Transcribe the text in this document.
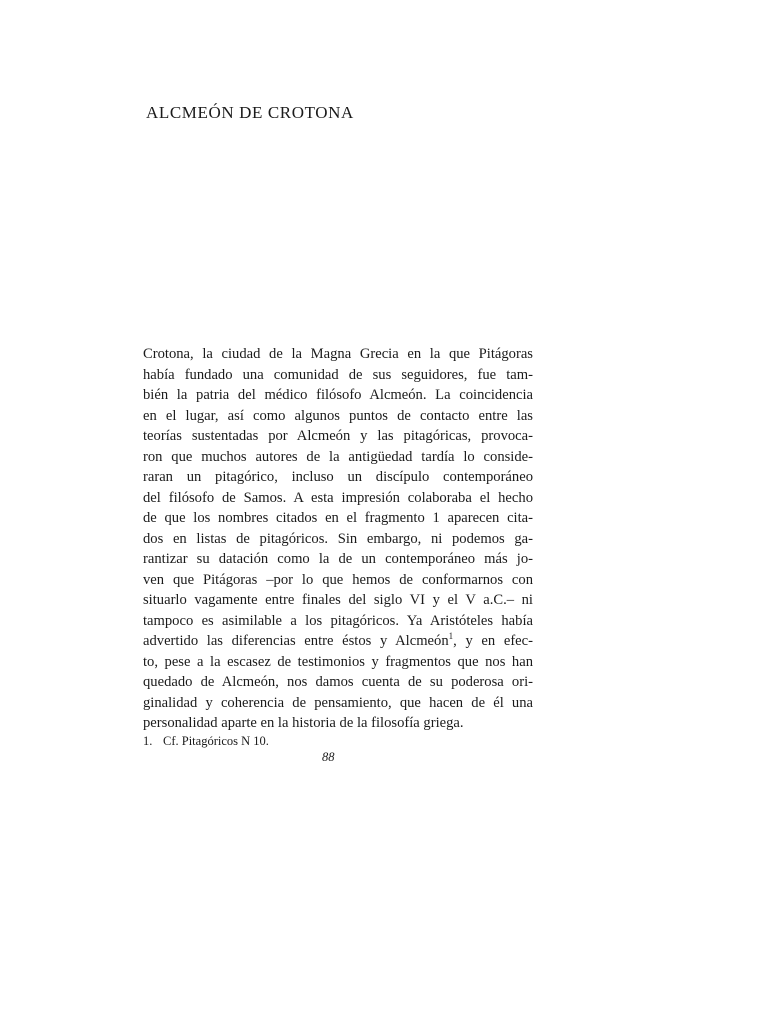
ALCMEÓN DE CROTONA
Crotona, la ciudad de la Magna Grecia en la que Pitágoras
había fundado una comunidad de sus seguidores, fue tam-
bién la patria del médico filósofo Alcmeón. La coincidencia
en el lugar, así como algunos puntos de contacto entre las
teorías sustentadas por Alcmeón y las pitagóricas, provoca-
ron que muchos autores de la antigüedad tardía lo conside-
raran un pitagórico, incluso un discípulo contemporáneo
del filósofo de Samos. A esta impresión colaboraba el hecho
de que los nombres citados en el fragmento 1 aparecen cita-
dos en listas de pitagóricos. Sin embargo, ni podemos ga-
rantizar su datación como la de un contemporáneo más jo-
ven que Pitágoras –por lo que hemos de conformarnos con
situarlo vagamente entre finales del siglo VI y el V a.C.– ni
tampoco es asimilable a los pitagóricos. Ya Aristóteles había
advertido las diferencias entre éstos y Alcmeón$^1$, y en efec-
to, pese a la escasez de testimonios y fragmentos que nos han
quedado de Alcmeón, nos damos cuenta de su poderosa ori-
ginalidad y coherencia de pensamiento, que hacen de él una
personalidad aparte en la historia de la filosofía griega.

1. Cf. Pitagóricos N 10.

88
